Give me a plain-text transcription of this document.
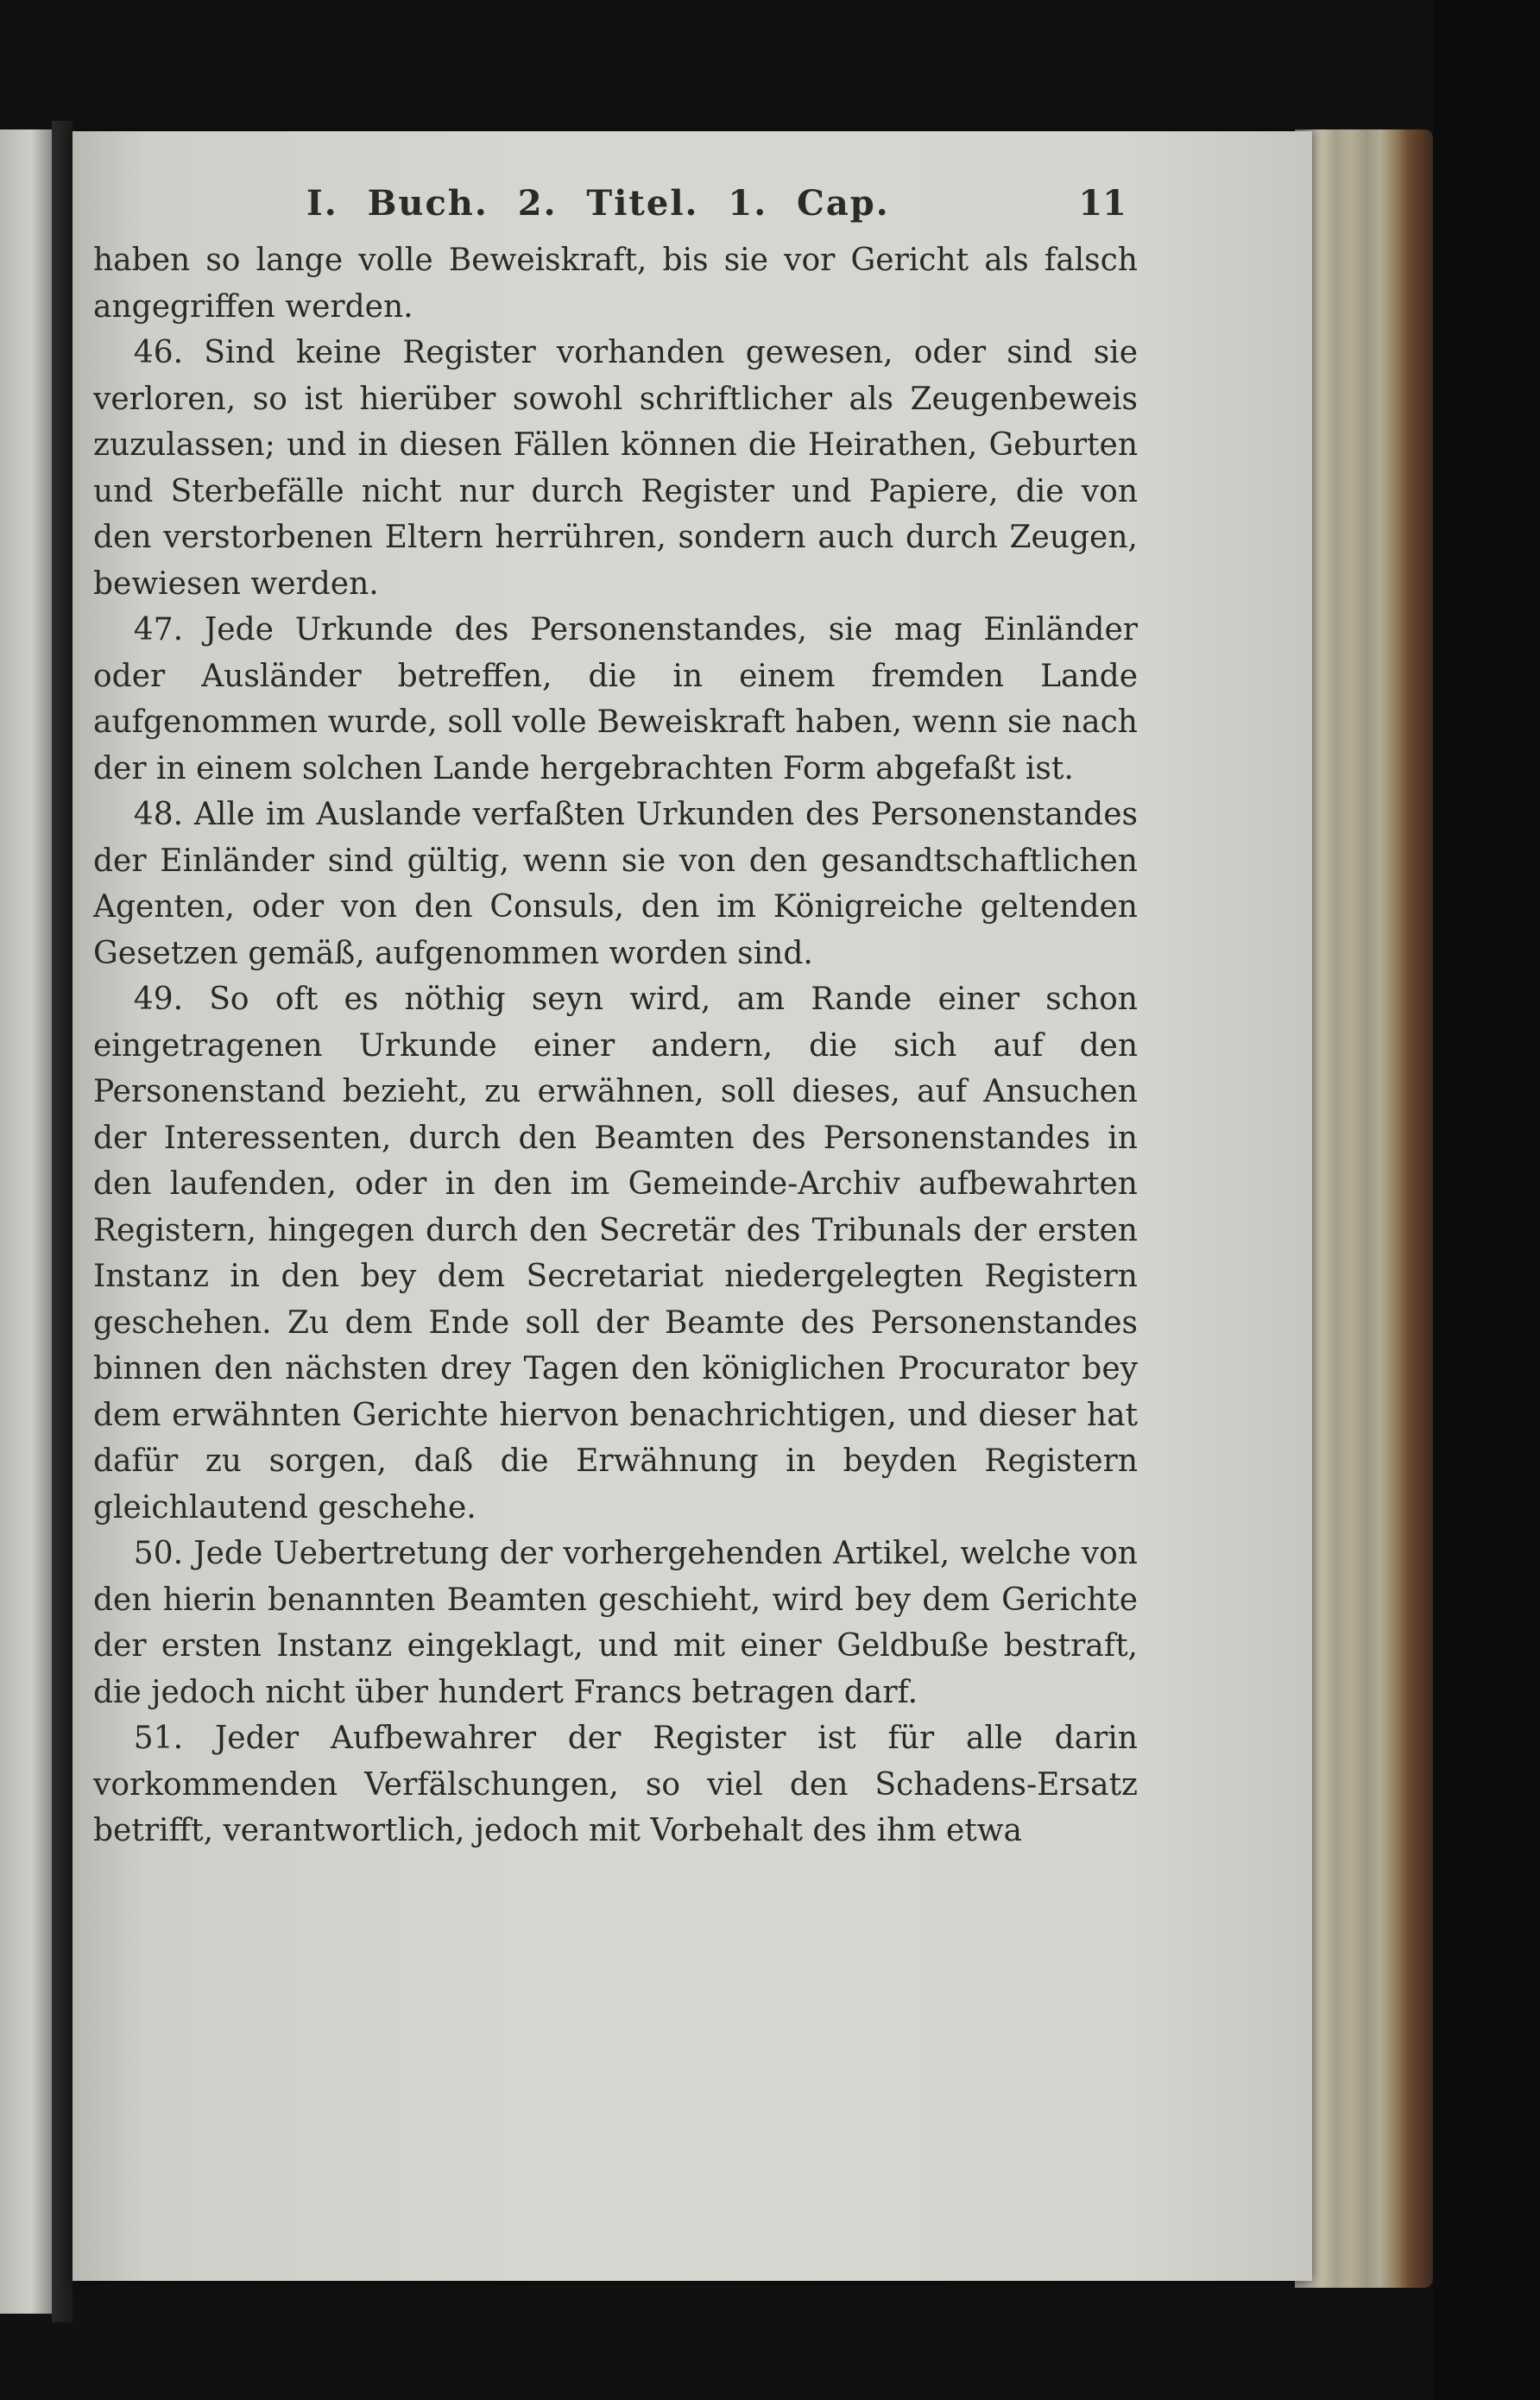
I. Buch. 2. Titel. 1. Cap.	11

haben so lange volle Beweiskraft, bis sie vor Gericht als falsch angegriffen werden.

46. Sind keine Register vorhanden gewesen, oder sind sie verloren, so ist hierüber sowohl schriftlicher als Zeugenbeweis zuzulassen; und in diesen Fällen können die Heirathen, Geburten und Sterbefälle nicht nur durch Register und Papiere, die von den verstorbenen Eltern herrühren, sondern auch durch Zeugen, bewiesen werden.

47. Jede Urkunde des Personenstandes, sie mag Einländer oder Ausländer betreffen, die in einem fremden Lande aufgenommen wurde, soll volle Beweiskraft haben, wenn sie nach der in einem solchen Lande hergebrachten Form abgefaßt ist.

48. Alle im Auslande verfaßten Urkunden des Personenstandes der Einländer sind gültig, wenn sie von den gesandtschaftlichen Agenten, oder von den Consuls, den im Königreiche geltenden Gesetzen gemäß, aufgenommen worden sind.

49. So oft es nöthig seyn wird, am Rande einer schon eingetragenen Urkunde einer andern, die sich auf den Personenstand bezieht, zu erwähnen, soll dieses, auf Ansuchen der Interessenten, durch den Beamten des Personenstandes in den laufenden, oder in den im Gemeinde-Archiv aufbewahrten Registern, hingegen durch den Secretär des Tribunals der ersten Instanz in den bey dem Secretariat niedergelegten Registern geschehen. Zu dem Ende soll der Beamte des Personenstandes binnen den nächsten drey Tagen den königlichen Procurator bey dem erwähnten Gerichte hiervon benachrichtigen, und dieser hat dafür zu sorgen, daß die Erwähnung in beyden Registern gleichlautend geschehe.

50. Jede Uebertretung der vorhergehenden Artikel, welche von den hierin benannten Beamten geschieht, wird bey dem Gerichte der ersten Instanz eingeklagt, und mit einer Geldbuße bestraft, die jedoch nicht über hundert Francs betragen darf.

51. Jeder Aufbewahrer der Register ist für alle darin vorkommenden Verfälschungen, so viel den Schadens-Ersatz betrifft, verantwortlich, jedoch mit Vorbehalt des ihm etwa
